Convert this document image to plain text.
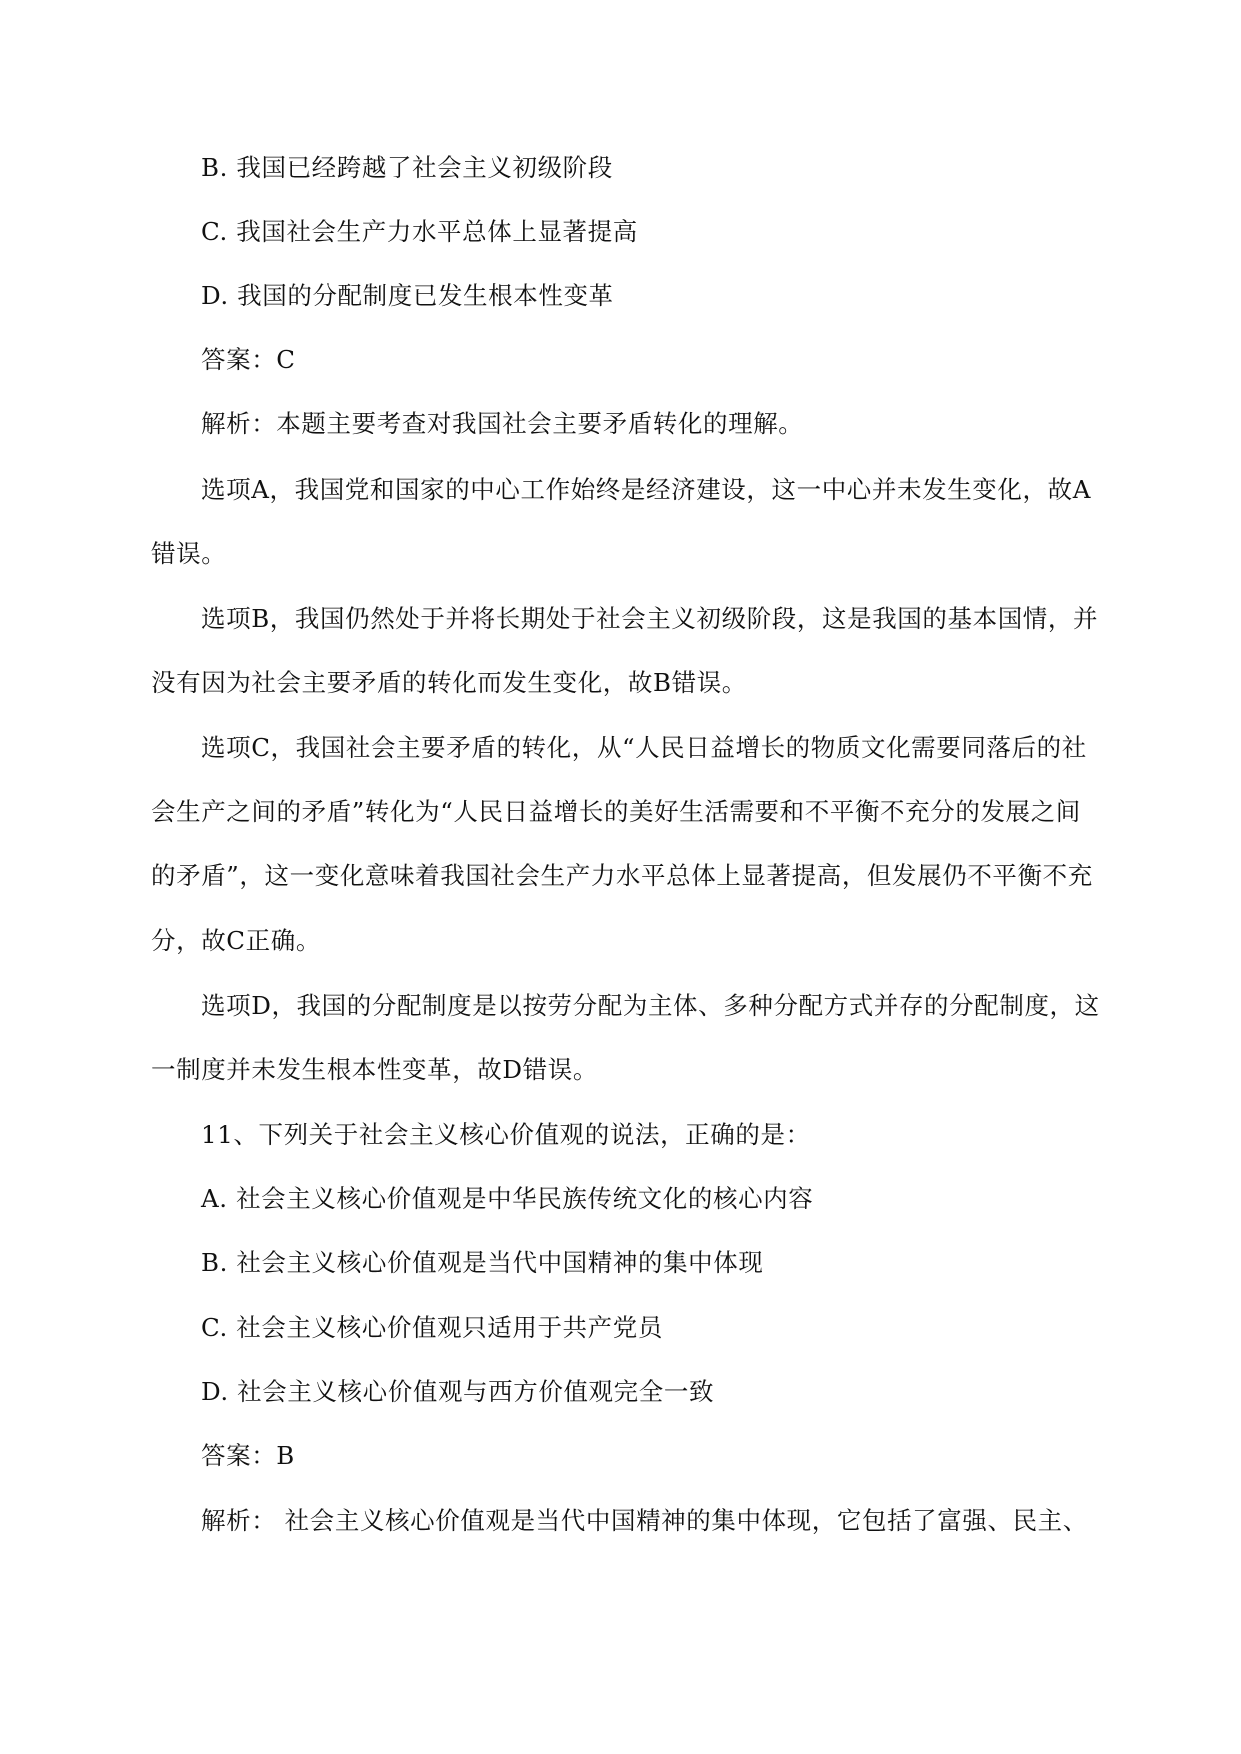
B. 我国已经跨越了社会主义初级阶段
C. 我国社会生产力水平总体上显著提高
D. 我国的分配制度已发生根本性变革
答案：C
解析：本题主要考查对我国社会主要矛盾转化的理解。
选项A，我国党和国家的中心工作始终是经济建设，这一中心并未发生变化，故A
错误。
选项B，我国仍然处于并将长期处于社会主义初级阶段，这是我国的基本国情，并
没有因为社会主要矛盾的转化而发生变化，故B错误。
选项C，我国社会主要矛盾的转化，从“人民日益增长的物质文化需要同落后的社
会生产之间的矛盾”转化为“人民日益增长的美好生活需要和不平衡不充分的发展之间
的矛盾”，这一变化意味着我国社会生产力水平总体上显著提高，但发展仍不平衡不充
分，故C正确。
选项D，我国的分配制度是以按劳分配为主体、多种分配方式并存的分配制度，这
一制度并未发生根本性变革，故D错误。
11、下列关于社会主义核心价值观的说法，正确的是：
A. 社会主义核心价值观是中华民族传统文化的核心内容
B. 社会主义核心价值观是当代中国精神的集中体现
C. 社会主义核心价值观只适用于共产党员
D. 社会主义核心价值观与西方价值观完全一致
答案：B
解析： 社会主义核心价值观是当代中国精神的集中体现，它包括了富强、民主、
